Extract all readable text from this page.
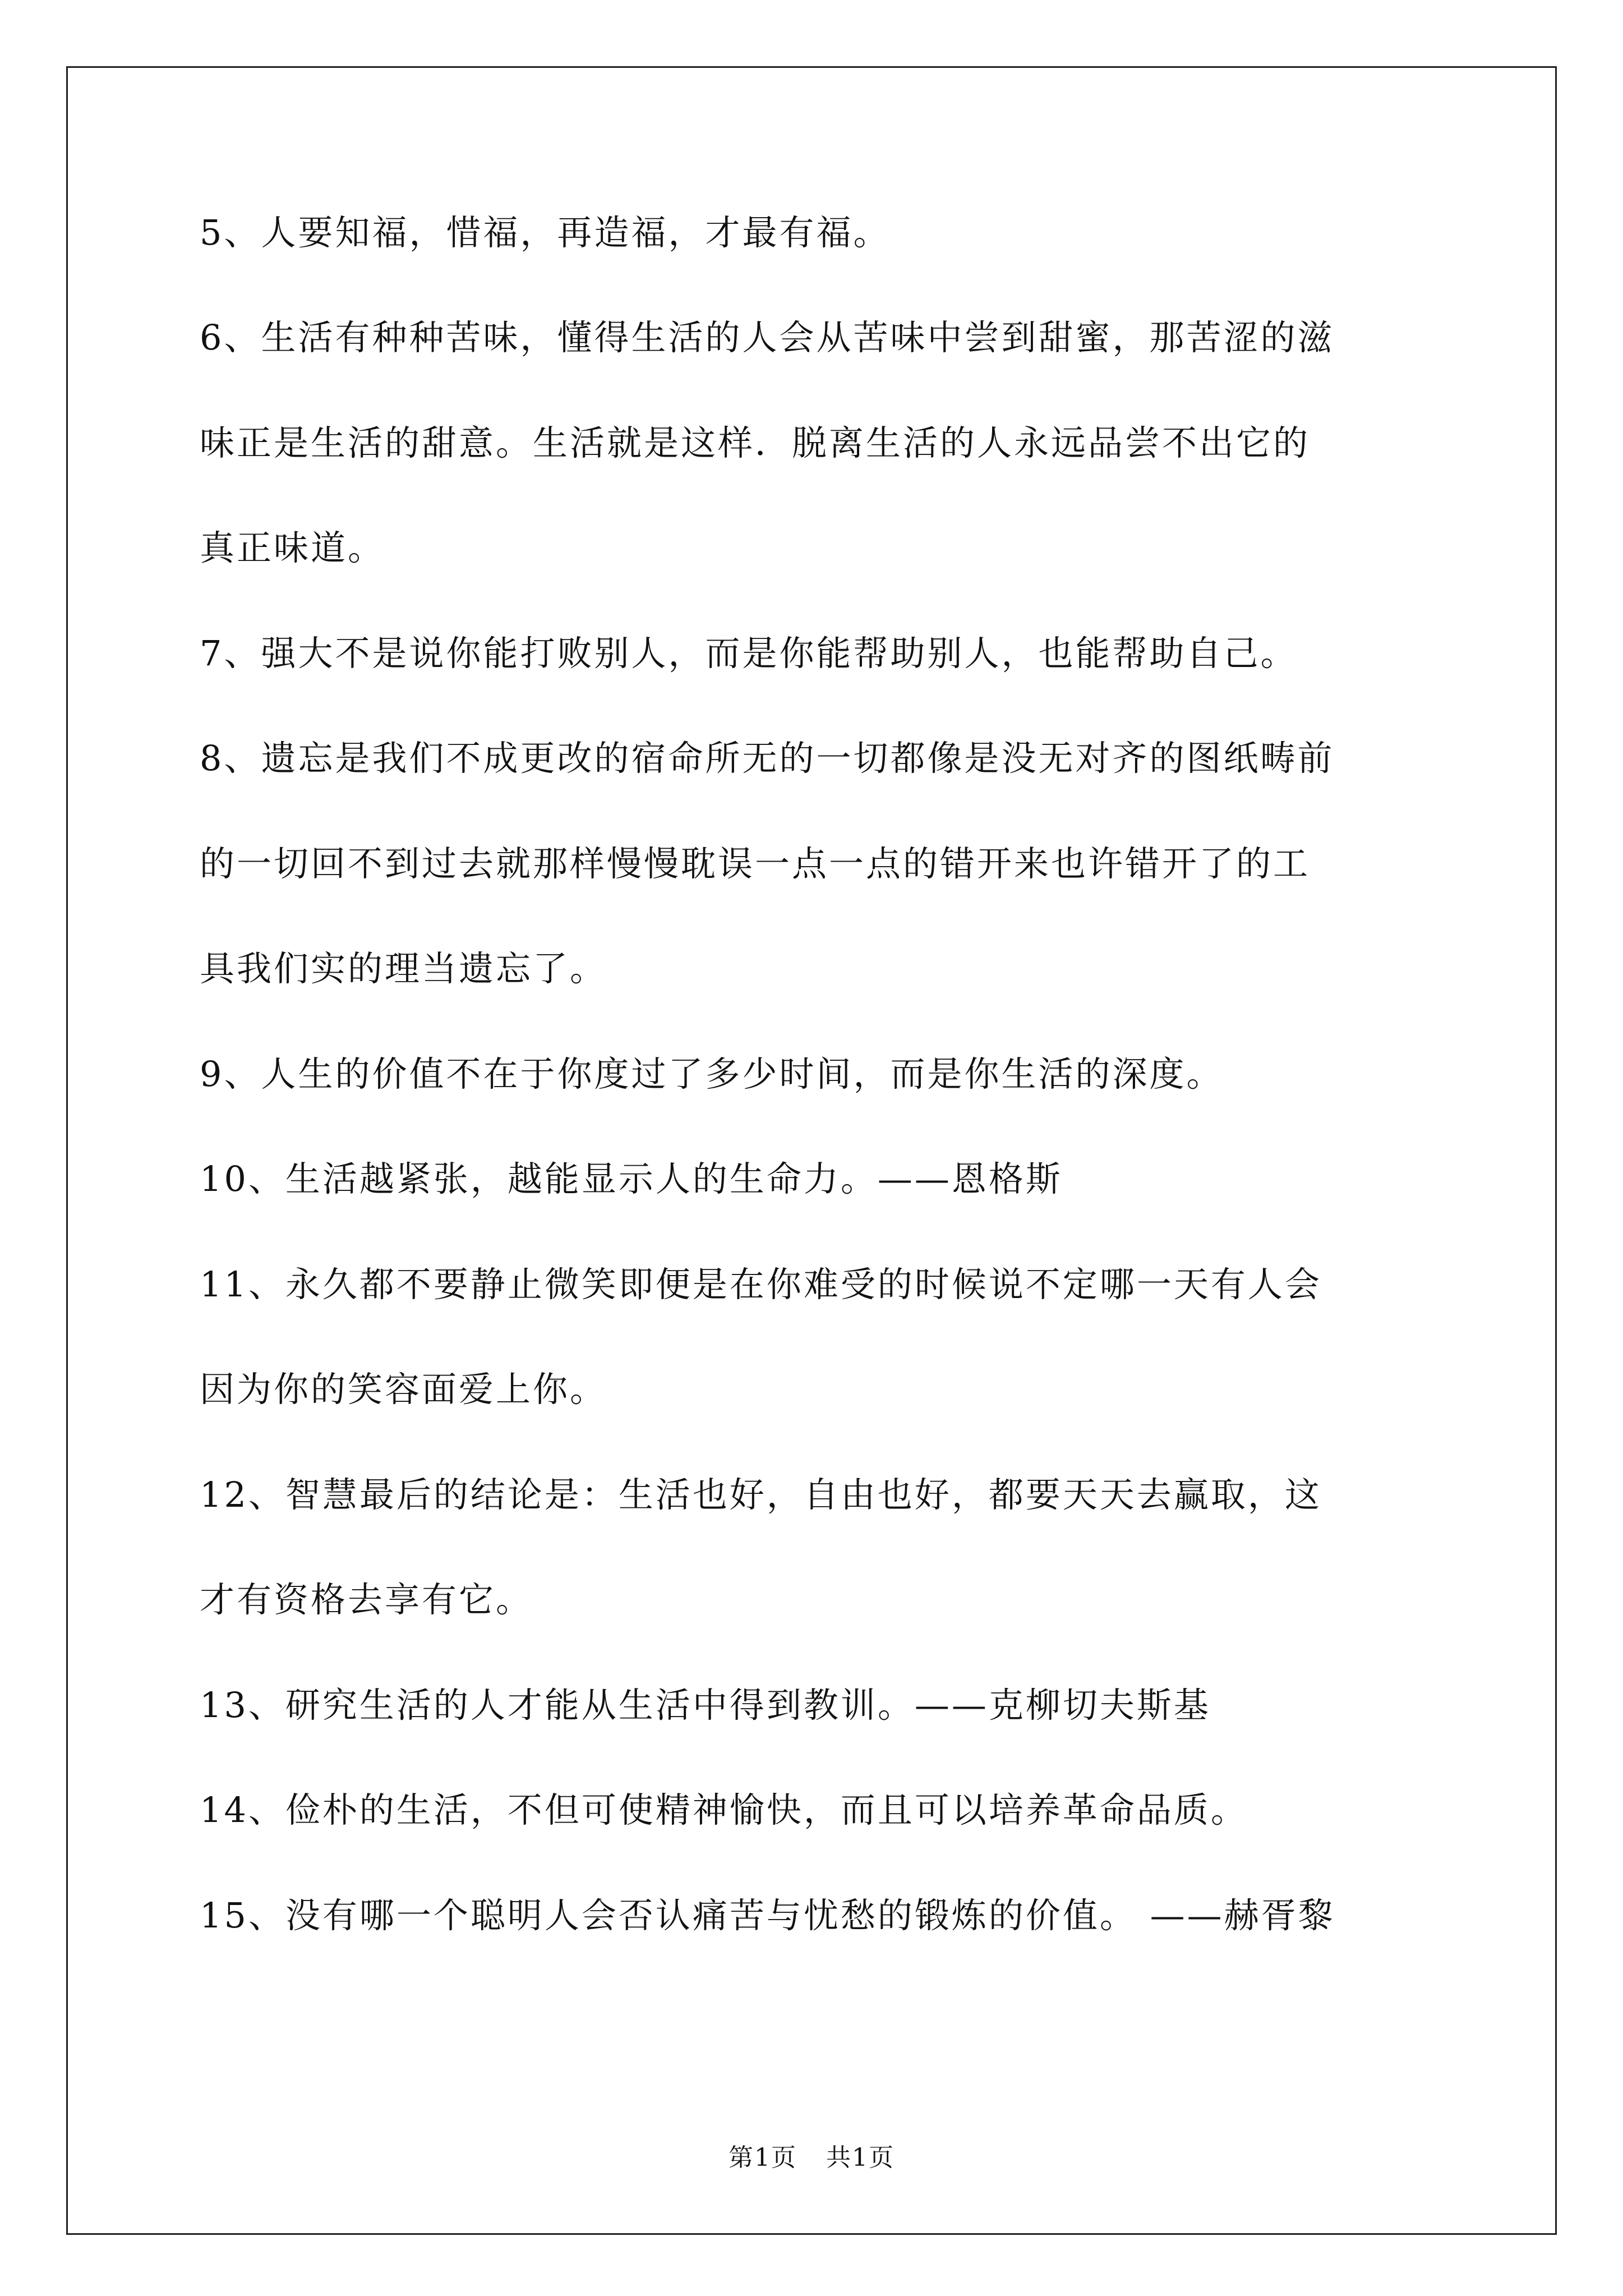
5、人要知福，惜福，再造福，才最有福。
6、生活有种种苦味，懂得生活的人会从苦味中尝到甜蜜，那苦涩的滋
味正是生活的甜意。生活就是这样．脱离生活的人永远品尝不出它的
真正味道。
7、强大不是说你能打败别人，而是你能帮助别人，也能帮助自己。
8、遗忘是我们不成更改的宿命所无的一切都像是没无对齐的图纸畴前
的一切回不到过去就那样慢慢耽误一点一点的错开来也许错开了的工
具我们实的理当遗忘了。
9、人生的价值不在于你度过了多少时间，而是你生活的深度。
10、生活越紧张，越能显示人的生命力。——恩格斯
11、永久都不要静止微笑即便是在你难受的时候说不定哪一天有人会
因为你的笑容面爱上你。
12、智慧最后的结论是：生活也好，自由也好，都要天天去赢取，这
才有资格去享有它。
13、研究生活的人才能从生活中得到教训。——克柳切夫斯基
14、俭朴的生活，不但可使精神愉快，而且可以培养革命品质。
15、没有哪一个聪明人会否认痛苦与忧愁的锻炼的价值。 ——赫胥黎
第1页 共1页
